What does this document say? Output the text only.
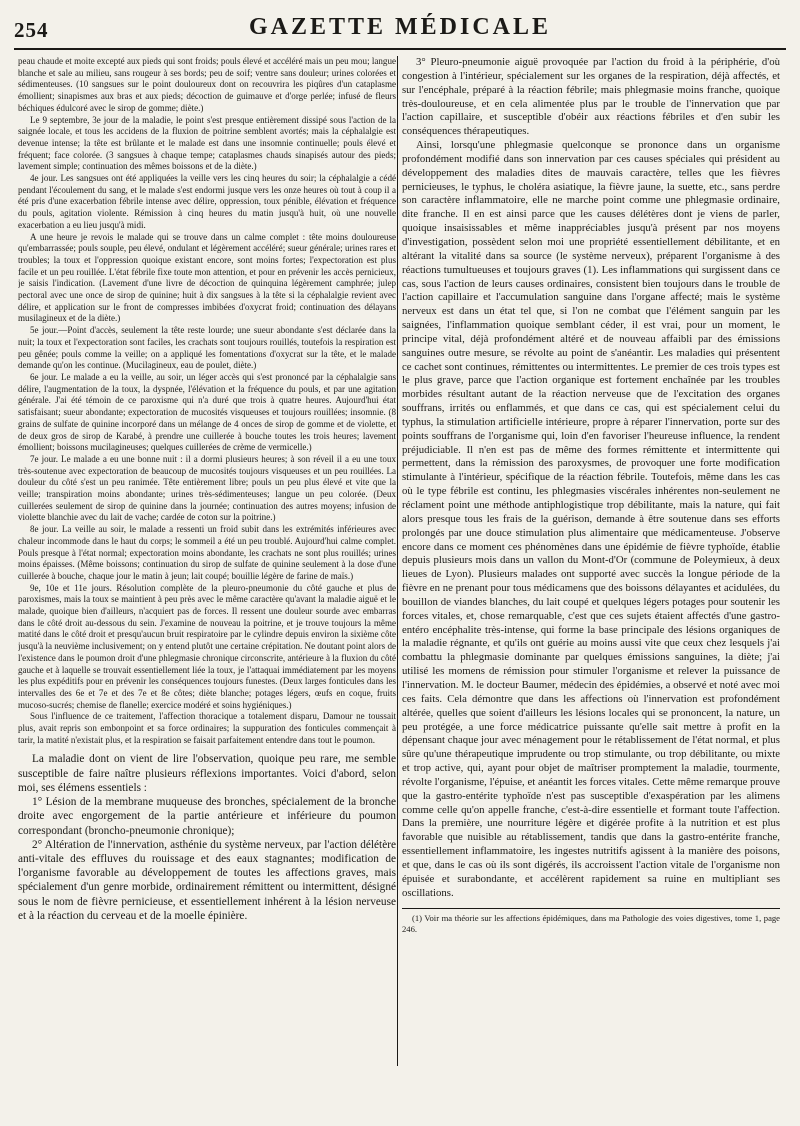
254	GAZETTE MÉDICALE

peau chaude et moite excepté aux pieds qui sont froids; pouls élevé et accéléré mais un peu mou; langue blanche et sale au milieu, sans rougeur à ses bords; peu de soif; ventre sans douleur; urines colorées et sédimenteuses. (10 sangsues sur le point douloureux dont on recouvrira les piqûres d'un cataplasme émollient; sinapismes aux bras et aux pieds; décoction de guimauve et d'orge perlée; infusé de fleurs béchiques édulcoré avec le sirop de gomme; diète.)

Le 9 septembre, 3e jour de la maladie, le point s'est presque entièrement dissipé sous l'action de la saignée locale, et tous les accidens de la fluxion de poitrine semblent avortés; mais la céphalalgie est devenue intense; la tête est brûlante et le malade est dans une insomnie continuelle; pouls élevé et fréquent; face colorée. (3 sangsues à chaque tempe; cataplasmes chauds sinapisés autour des pieds; lavement simple; continuation des mêmes boissons et de la diète.)

4e jour. Les sangsues ont été appliquées la veille vers les cinq heures du soir; la céphalalgie a cédé pendant l'écoulement du sang, et le malade s'est endormi jusque vers les onze heures où tout à coup il a été pris d'une exacerbation fébrile intense avec délire, oppression, toux pénible, élévation et fréquence du pouls, agitation violente. Rémission à cinq heures du matin jusqu'à huit, où une nouvelle exacerbation a eu lieu jusqu'à midi.

A une heure je revois le malade qui se trouve dans un calme complet : tête moins douloureuse qu'embarrassée; pouls souple, peu élevé, ondulant et légèrement accéléré; sueur générale; urines rares et troubles; la toux et l'oppression quoique existant encore, sont moins fortes; l'expectoration est plus facile et un peu rouillée. L'état fébrile fixe toute mon attention, et pour en prévenir les accès pernicieux, je saisis l'indication. (Lavement d'une livre de décoction de quinquina légèrement camphrée; julep pectoral avec une once de sirop de quinine; huit à dix sangsues à la tête si la céphalalgie revient avec délire, et application sur le front de compresses imbibées d'oxycrat froid; continuation des délayans musilagineux et de la diète.)

5e jour.—Point d'accès, seulement la tête reste lourde; une sueur abondante s'est déclarée dans la nuit; la toux et l'expectoration sont faciles, les crachats sont toujours rouillés, toutefois la respiration est peu gênée; pouls comme la veille; on a appliqué les fomentations d'oxycrat sur la tête, et le malade demande qu'on les continue. (Mucilagineux, eau de poulet, diète.)

6e jour. Le malade a eu la veille, au soir, un léger accès qui s'est prononcé par la céphalalgie sans délire, l'augmentation de la toux, la dyspnée, l'élévation et la fréquence du pouls, et par une agitation générale. J'ai été témoin de ce paroxisme qui n'a duré que trois à quatre heures. Aujourd'hui état satisfaisant; sueur abondante; expectoration de mucosités visqueuses et toujours rouillées; insomnie. (8 grains de sulfate de quinine incorporé dans un mélange de 4 onces de sirop de gomme et de violette, et de deux gros de sirop de Karabé, à prendre une cuillerée à bouche toutes les trois heures; lavement émollient; boissons mucilagineuses; quelques cuillerées de crème de vermicelle.)

7e jour. Le malade a eu une bonne nuit : il a dormi plusieurs heures; à son réveil il a eu une toux très-soutenue avec expectoration de beaucoup de mucosités toujours visqueuses et un peu rouillées. La douleur du côté s'est un peu ranimée. Tête entièrement libre; pouls un peu plus élevé et vite que la veille; transpiration moins abondante; urines très-sédimenteuses; langue un peu colorée. (Deux cuillerées seulement de sirop de quinine dans la journée; continuation des autres moyens; infusion de violette blanchie avec du lait de vache; cardée de coton sur la poitrine.)

8e jour. La veille au soir, le malade a ressenti un froid subit dans les extrémités inférieures avec chaleur incommode dans le haut du corps; le sommeil a été un peu troublé. Aujourd'hui calme complet. Pouls presque à l'état normal; expectoration moins abondante, les crachats ne sont plus rouillés; urines moins épaisses. (Même boissons; continuation du sirop de sulfate de quinine seulement à la dose d'une cuillerée à bouche, chaque jour le matin à jeun; lait coupé; bouillie légère de farine de maïs.)

9e, 10e et 11e jours. Résolution complète de la pleuro-pneumonie du côté gauche et plus de paroxismes, mais la toux se maintient à peu près avec le même caractère qu'avant la maladie aiguë et le malade, quoique bien d'ailleurs, n'acquiert pas de forces. Il ressent une douleur sourde avec embarras dans le côté droit au-dessous du sein. J'examine de nouveau la poitrine, et je trouve toujours la même matité dans le côté droit et presqu'aucun bruit respiratoire par le cylindre depuis environ la sixième côte jusqu'à la neuvième inclusivement; on y entend plutôt une certaine crépitation. Ne doutant point alors de l'existence dans le poumon droit d'une phlegmasie chronique circonscrite, antérieure à la fluxion du côté gauche et à laquelle se trouvait essentiellement liée la toux, je l'attaquai immédiatement par les moyens les plus expéditifs pour en prévenir les conséquences toujours funestes. (Deux larges fonticules dans les intervalles des 6e et 7e et des 7e et 8e côtes; diète blanche; potages légers, œufs en coque, fruits mucoso-sucrés; chemise de flanelle; exercice modéré et soins hygiéniques.)

Sous l'influence de ce traitement, l'affection thoracique a totalement disparu, Damour ne toussait plus, avait repris son embonpoint et sa force ordinaires; la suppuration des fonticules commençait à tarir, la matité n'existait plus, et la respiration se faisait parfaitement entendre dans tout le poumon.

La maladie dont on vient de lire l'observation, quoique peu rare, me semble susceptible de faire naître plusieurs réflexions importantes. Voici d'abord, selon moi, ses élémens essentiels :

1° Lésion de la membrane muqueuse des bronches, spécialement de la bronche droite avec engorgement de la partie antérieure et inférieure du poumon correspondant (broncho-pneumonie chronique);

2° Altération de l'innervation, asthénie du système nerveux, par l'action délétère anti-vitale des effluves du rouissage et des eaux stagnantes; modification de l'organisme favorable au développement de toutes les affections graves, mais spécialement d'un genre morbide, ordinairement rémittent ou intermittent, désigné sous le nom de fièvre pernicieuse, et essentiellement inhérent à la lésion nerveuse et à la réaction du cerveau et de la moelle épinière.

3° Pleuro-pneumonie aiguë provoquée par l'action du froid à la périphérie, d'où congestion à l'intérieur, spécialement sur les organes de la respiration, déjà affectés, et sur l'encéphale, préparé à la réaction fébrile; mais phlegmasie moins franche, quoique très-douloureuse, et en cela alimentée plus par le trouble de l'innervation que par l'action capillaire, et susceptible d'obéir aux réactions fébriles et d'en subir les conséquences thérapeutiques.

Ainsi, lorsqu'une phlegmasie quelconque se prononce dans un organisme profondément modifié dans son innervation par ces causes spéciales qui président au développement des maladies dites de mauvais caractère, telles que les fièvres pernicieuses, le typhus, le choléra asiatique, la fièvre jaune, la suette, etc., sans perdre son caractère inflammatoire, elle ne marche point comme une phlegmasie ordinaire, dite franche. Il en est ainsi parce que les causes délétères dont je viens de parler, quoique insaisissables et même inappréciables jusqu'à présent par nos moyens d'investigation, possèdent selon moi une propriété essentiellement débilitante, et en altérant la vitalité dans sa source (le système nerveux), préparent l'organisme à des réactions tumultueuses et toujours graves (1). Les inflammations qui surgissent dans ce cas, sous l'action de leurs causes ordinaires, consistent bien toujours dans le trouble de l'action capillaire et l'accumulation sanguine dans l'organe affecté; mais le système nerveux est dans un état tel que, si l'on ne combat que l'élément sanguin par les saignées, l'inflammation quoique semblant céder, il est vrai, pour un moment, le principe vital, déjà profondément altéré et de nouveau affaibli par des émissions sanguines outre mesure, se révolte au point de s'anéantir. Les maladies qui présentent ce cachet sont continues, rémittentes ou intermittentes. Le premier de ces trois types est le plus grave, parce que l'action organique est fortement enchaînée par les troubles morbides résultant autant de la réaction nerveuse que de l'excitation des organes souffrans, irrités ou enflammés, et que dans ce cas, qui est spécialement celui du typhus, la stimulation artificielle intérieure, propre à réparer l'innervation, porte sur des points souffrans de l'organisme qui, loin d'en favoriser l'heureuse influence, la rendent préjudiciable. Il n'en est pas de même des formes rémittente et intermittente qui permettent, dans la rémission des paroxysmes, de provoquer une forte modification stimulante à l'intérieur, spécifique de la réaction fébrile. Toutefois, même dans les cas où le type fébrile est continu, les phlegmasies viscérales inhérentes non-seulement ne réclament point une méthode antiphlogistique trop débilitante, mais la nature, qui fait alors presque tous les frais de la guérison, demande à être soutenue dans ses efforts prolongés par une douce stimulation plus alimentaire que médicamenteuse. J'observe encore dans ce moment ces phénomènes dans une épidémie de fièvre typhoïde, établie depuis plusieurs mois dans un vallon du Mont-d'Or (commune de Poleymieux, à deux lieues de Lyon). Plusieurs malades ont supporté avec succès la longue période de la fièvre en ne prenant pour tous médicamens que des boissons délayantes et acidulées, du bouillon de viandes blanches, du lait coupé et quelques légers potages pour soutenir les forces vitales, et, chose remarquable, c'est que ces sujets étaient affectés d'une gastro-entéro encéphalite très-intense, qui forme la base principale des lésions organiques de la maladie régnante, et qu'ils ont guérie au moins aussi vite que ceux chez lesquels j'ai combattu la phlegmasie dominante par quelques émissions sanguines, la diète; j'ai utilisé les momens de rémission pour stimuler l'organisme et relever la puissance de l'innervation. M. le docteur Baumer, médecin des épidémies, a observé et noté avec moi ces faits. Cela démontre que dans les affections où l'innervation est profondément altérée, quelles que soient d'ailleurs les lésions locales qui se prononcent, la nature, un peu protégée, a une force médicatrice puissante qu'elle sait mettre à profit en la dépensant chaque jour avec ménagement pour le rétablissement de l'état normal, et plus sûre qu'une thérapeutique imprudente ou trop stimulante, ou trop débilitante, ou mixte et trop active, qui, ayant pour objet de maîtriser promptement la maladie, tourmente, révolte l'organisme, l'épuise, et anéantit les forces vitales. Cette même remarque prouve que la gastro-entérite typhoïde n'est pas susceptible d'exaspération par les alimens comme celle qu'on appelle franche, c'est-à-dire essentielle et formant toute l'affection. Dans la première, une nourriture légère et digérée profite à la nutrition et est plus favorable que nuisible au rétablissement, tandis que dans la gastro-entérite franche, essentiellement inflammatoire, les ingestes nutritifs agissent à la manière des poisons, et que, dans le cas où ils sont digérés, ils accroissent l'action vitale de l'organisme non épuisée et surabondante, et accélèrent rapidement sa ruine en multipliant ses oscillations.

(1) Voir ma théorie sur les affections épidémiques, dans ma Pathologie des voies digestives, tome 1, page 246.
